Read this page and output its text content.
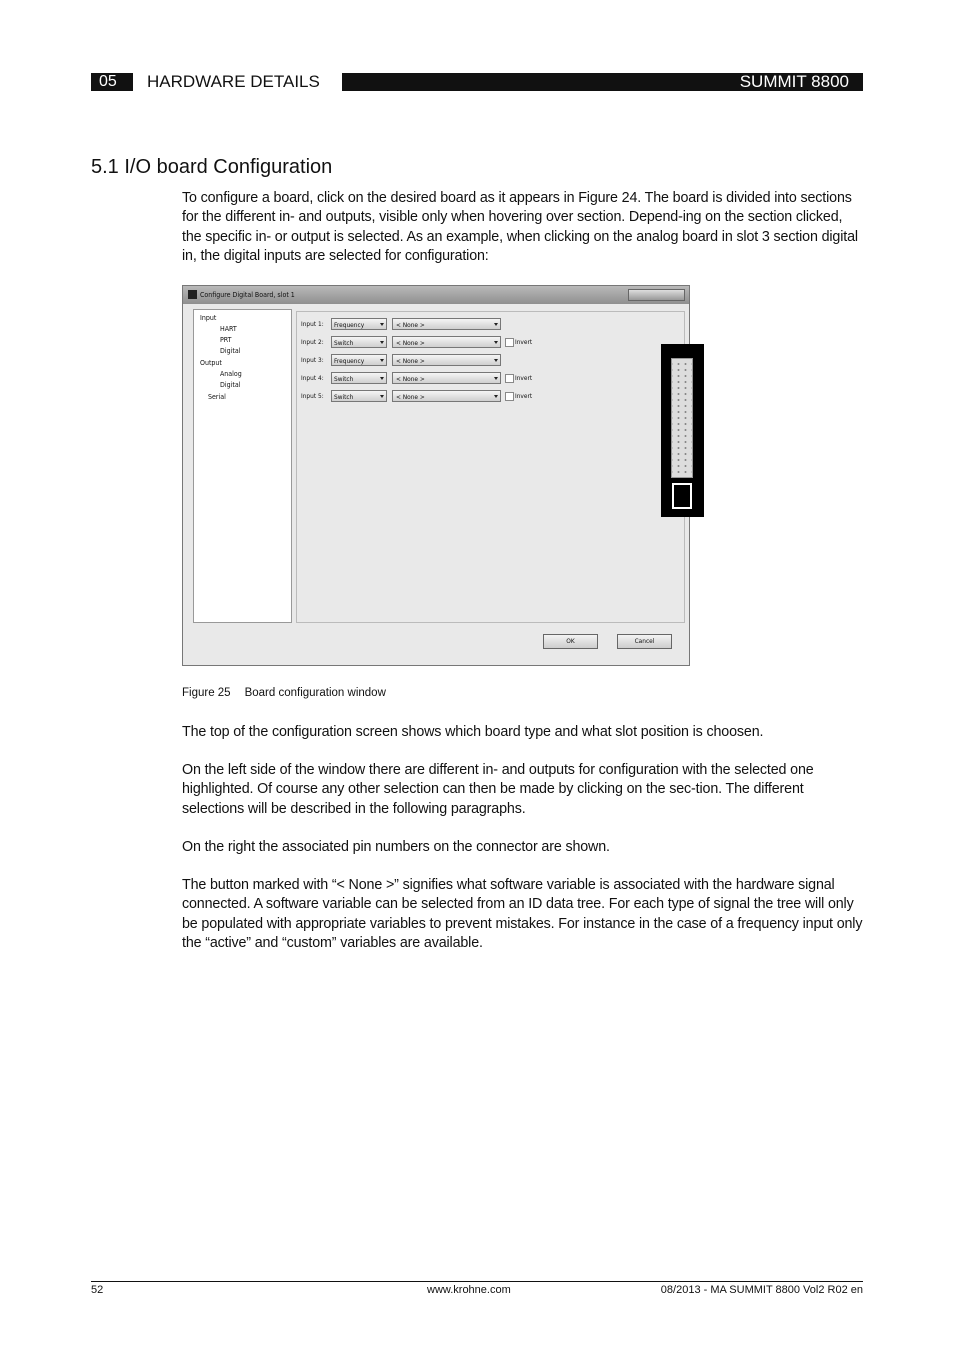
05	SUMMIT 8800
HARDWARE DETAILS
5.1 I/O board Configuration

To configure a board, click on the desired board as it appears in Figure 24. The board is divided into sections for the different in- and outputs, visible only when hovering over section. Depend-ing on the section clicked, the specific in- or output is selected. As an example, when clicking on the analog board in slot 3 section digital in, the digital inputs are selected for configuration:

Configure Digital Board, slot 1
Input
HART
PRT
Digital
Output
Analog
Digital
Serial
Input 1:	Frequency	< None >
Input 2:	Switch	< None >	Invert
Input 3:	Frequency	< None >
Input 4:	Switch	< None >	Invert
Input 5:	Switch	< None >	Invert
OK	Cancel
Figure 25 Board configuration window

The top of the configuration screen shows which board type and what slot position is choosen.

On the left side of the window there are different in- and outputs for configuration with the selected one highlighted. Of course any other selection can then be made by clicking on the sec-tion. The different selections will be described in the following paragraphs.

On the right the associated pin numbers on the connector are shown.

The button marked with “< None >” signifies what software variable is associated with the hardware signal connected. A software variable can be selected from an ID data tree. For each type of signal the tree will only be populated with appropriate variables to prevent mistakes. For instance in the case of a frequency input only the “active” and “custom” variables are available.

52	www.krohne.com	08/2013 - MA SUMMIT 8800 Vol2 R02 en
